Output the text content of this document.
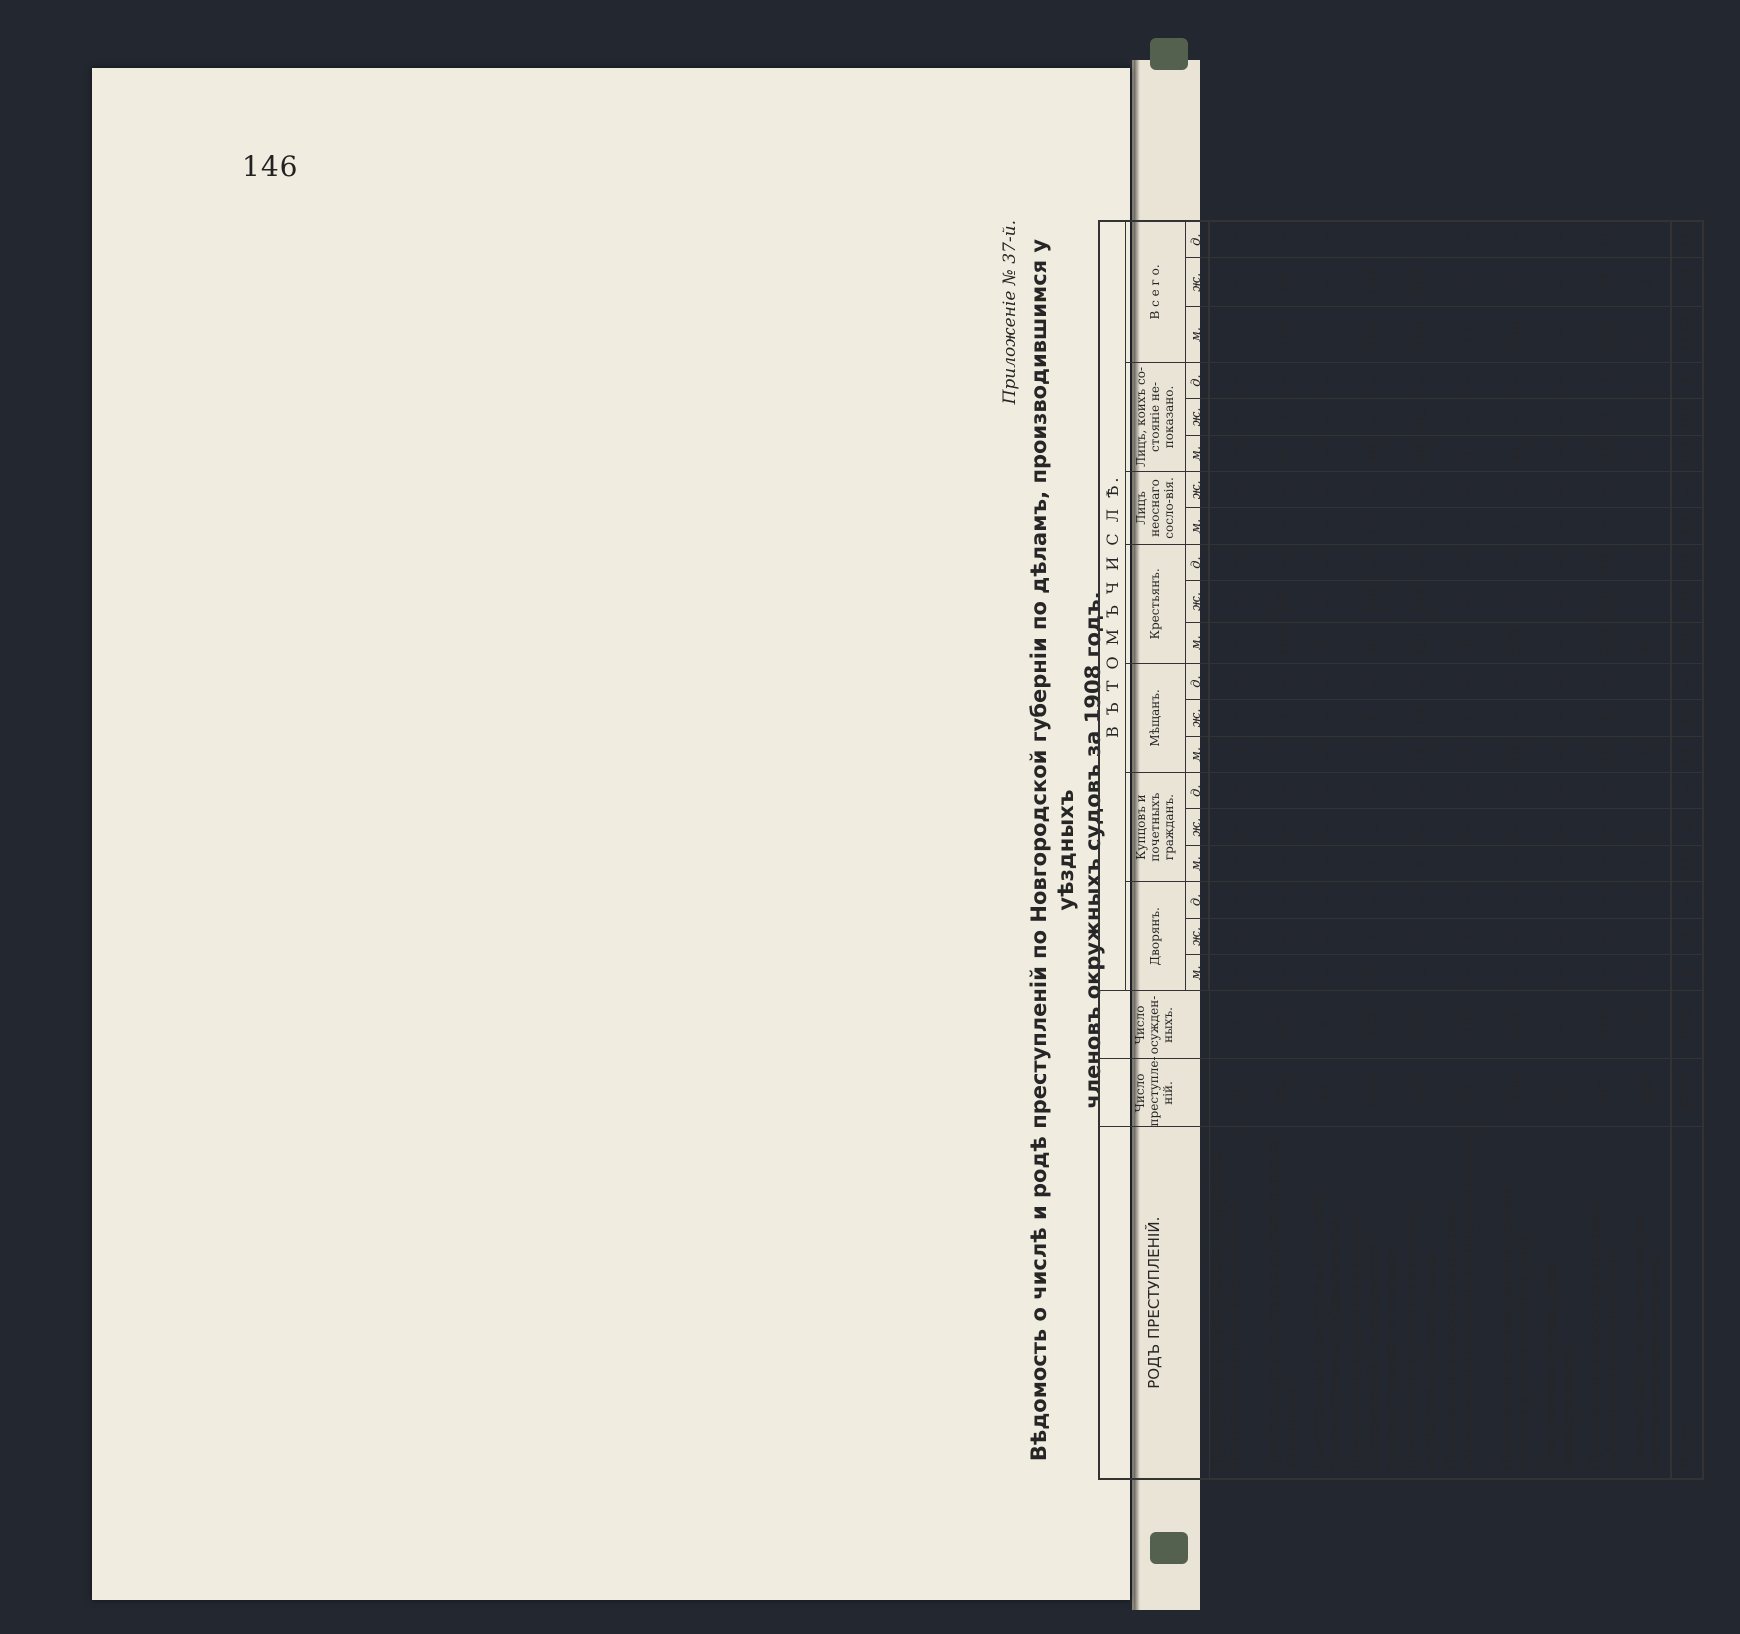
146
Приложеніе № 37-й. Вѣдомость о числѣ и родѣ преступленій по Новгородской губерніи по дѣламъ, производившимся у уѣздныхъ членовъ окружныхъ судовъ за 1908 годъ.
РОДЪ ПРЕСТУПЛЕНІЙ.	Число преступле-ній.	Число осужден-ныхъ.	В Ъ Т О М Ъ Ч И С Л Ѣ.																			
			Дворянъ.			Купцовъ и почетныхъ гражданъ.			Мѣщанъ.			Крестьянъ.			Лицъ неоснаго сосло-вія.		Лицъ, коихъ со-стояніе не-показано.			В с е г о.		
			м.	ж.	д.	м.	ж.	д.	м.	ж.	д.	м.	ж.	д.	м.	ж.	м.	ж.	д.	м.	ж.	д.
Преступленія противъ вѣры и о нарушеніи ограждающихъ оную постановленій . . . . . . . . . .	5	5	—	—	—	—	—	—	5	—	—	—	—	—	—	—	—	—	—	5	—	—
Преступленія и проступки противъ порядка управленія . . . . . .	284	187	—	—	—	—	—	—	7	3	—	108	59	—	—	—	9	1	—	124	63	—
Преступленія и проступки по службѣ государственной и общественной	10	8	—	—	—	—	—	—	—	—	—	8	—	—	—	—	—	—	—	8	—	—
Преступленія и проступки противъ постановленій о повинностяхъ государственныхъ и земскихъ . . . . .	630	352	4	1	—	7	2	—	2	4	—	85	190	—	17	—	40	—	—	155	197	—
Преступленія и проступки противъ имущества и доходовъ казны . . .	935	575	2	—	—	1	—	—	14	18	—	121	307	—	—	—	20	92	—	158	417	—
Преступленія и проступки противъ общественнаго благочинія и благоустройства . . . . . . . . .	32	13	—	1	—	2	—	—	3	1	—	5	—	—	—	—	1	—	—	11	2	—
Преступленія противъ жизни, здравія, свободы и чести частныхъ лицъ . .	1196	342	—	—	—	—	—	—	19	—	—	279	2	—	1	—	41	—	—	340	2	—
Преступленія противъ правъ семейственныхъ . . . . . . . . .	1	—	—	—	—	—	—	—	—	—	—	—	—	—	—	—	—	—	—	—	—	—
Преступленія и проступки противъ собственности частныхъ лицъ . . .	997	316	—	—	—	—	—	—	15	4	—	220	21	10	—	—	37	8	1	272	33	11
Прочихъ дѣлъ, не показанныхъ въ предшествующихъ пунктахъ . . .	266	78	2	—	—	1	—	—	3	2	—	65	2	—	—	—	3	—	—	71	4	—
Итого . . .	4776	1876	8	2	—	11	2	—	68	32	—	891	581	10	18	—	151	101	1	1147	718	11
